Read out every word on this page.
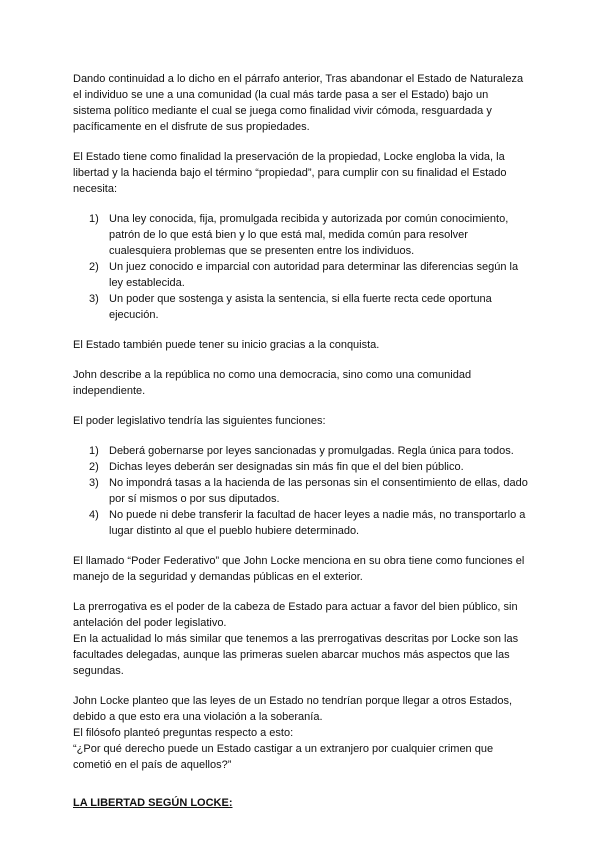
Dando continuidad a lo dicho en el párrafo anterior, Tras abandonar el Estado de Naturaleza el individuo se une a una comunidad (la cual más tarde pasa a ser el Estado) bajo un sistema político mediante el cual se juega como finalidad vivir cómoda, resguardada y pacíficamente en el disfrute de sus propiedades.

El Estado tiene como finalidad la preservación de la propiedad, Locke engloba la vida, la libertad y la hacienda bajo el término “propiedad”, para cumplir con su finalidad el Estado necesita:

1) Una ley conocida, fija, promulgada recibida y autorizada por común conocimiento, patrón de lo que está bien y lo que está mal, medida común para resolver cualesquiera problemas que se presenten entre los individuos.
2) Un juez conocido e imparcial con autoridad para determinar las diferencias según la ley establecida.
3) Un poder que sostenga y asista la sentencia, si ella fuerte recta cede oportuna ejecución.

El Estado también puede tener su inicio gracias a la conquista.

John describe a la república no como una democracia, sino como una comunidad independiente.

El poder legislativo tendría las siguientes funciones:

1) Deberá gobernarse por leyes sancionadas y promulgadas. Regla única para todos.
2) Dichas leyes deberán ser designadas sin más fin que el del bien público.
3) No impondrá tasas a la hacienda de las personas sin el consentimiento de ellas, dado por sí mismos o por sus diputados.
4) No puede ni debe transferir la facultad de hacer leyes a nadie más, no transportarlo a lugar distinto al que el pueblo hubiere determinado.

El llamado “Poder Federativo” que John Locke menciona en su obra tiene como funciones el manejo de la seguridad y demandas públicas en el exterior.

La prerrogativa es el poder de la cabeza de Estado para actuar a favor del bien público, sin antelación del poder legislativo.

En la actualidad lo más similar que tenemos a las prerrogativas descritas por Locke son las facultades delegadas, aunque las primeras suelen abarcar muchos más aspectos que las segundas.

John Locke planteo que las leyes de un Estado no tendrían porque llegar a otros Estados, debido a que esto era una violación a la soberanía.

El filósofo planteó preguntas respecto a esto:

“¿Por qué derecho puede un Estado castigar a un extranjero por cualquier crimen que cometió en el país de aquellos?”

LA LIBERTAD SEGÚN LOCKE:
